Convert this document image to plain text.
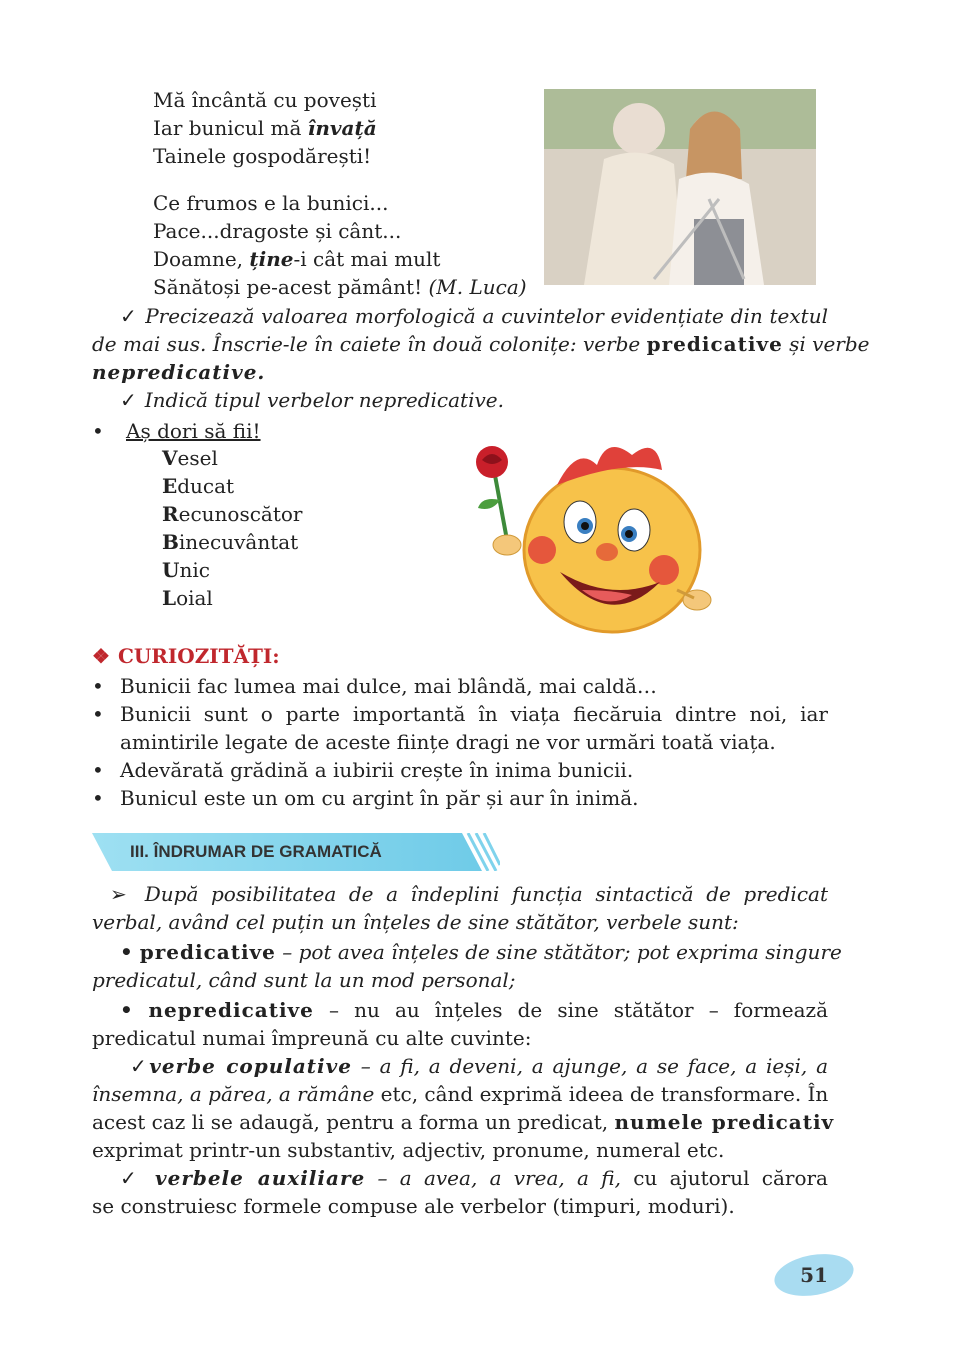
Mă încântă cu povești
Iar bunicul mă învață
Tainele gospodărești!
Ce frumos e la bunici...
Pace...dragoste și cânt...
Doamne, ține-i cât mai mult
Sănătoși pe-acest pământ! (M. Luca)
✓ Precizează valoarea morfologică a cuvintelor evidențiate din textul
de mai sus. Înscrie-le în caiete în două colonițe: verbe predicative și verbe
nepredicative.
✓ Indică tipul verbelor nepredicative.
• Aș dori să fii!
Vesel
Educat
Recunoscător
Binecuvântat
Unic
Loial
❖ CURIOZITĂȚI:
• Bunicii fac lumea mai dulce, mai blândă, mai caldă…
• Bunicii sunt o parte importantă în viața fiecăruia dintre noi, iar
amintirile legate de aceste ființe dragi ne vor urmări toată viața.
• Adevărată grădină a iubirii crește în inima bunicii.
• Bunicul este un om cu argint în păr și aur în inimă.
III. ÎNDRUMAR DE GRAMATICĂ
➢ După posibilitatea de a îndeplini funcția sintactică de predicat
verbal, având cel puțin un înțeles de sine stătător, verbele sunt:
• predicative – pot avea înțeles de sine stătător; pot exprima singure
predicatul, când sunt la un mod personal;
• nepredicative – nu au înțeles de sine stătător – formează
predicatul numai împreună cu alte cuvinte:
✓verbe copulative – a fi, a deveni, a ajunge, a se face, a ieși, a
însemna, a părea, a rămâne etc, când exprimă ideea de transformare. În
acest caz li se adaugă, pentru a forma un predicat, numele predicativ
exprimat printr-un substantiv, adjectiv, pronume, numeral etc.
✓ verbele auxiliare – a avea, a vrea, a fi, cu ajutorul cărora
se construiesc formele compuse ale verbelor (timpuri, moduri).
51
